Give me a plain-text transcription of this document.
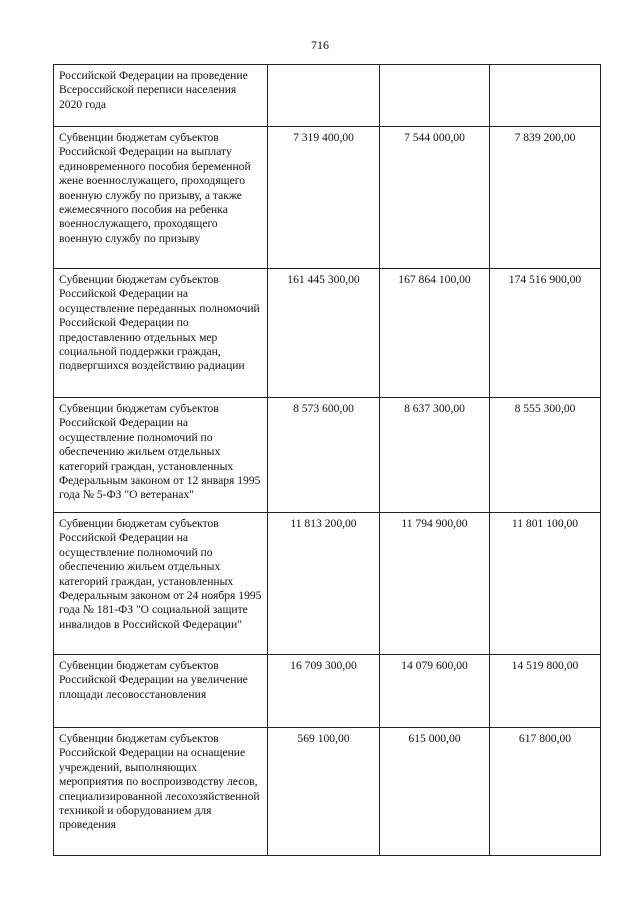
716
Российской Федерации на проведение Всероссийской переписи населения 2020 года			
Субвенции бюджетам субъектов Российской Федерации на выплату единовременного пособия беременной жене военнослужащего, проходящего военную службу по призыву, а также ежемесячного пособия на ребенка военнослужащего, проходящего военную службу по призыву	7 319 400,00	7 544 000,00	7 839 200,00
Субвенции бюджетам субъектов Российской Федерации на осуществление переданных полномочий Российской Федерации по предоставлению отдельных мер социальной поддержки граждан, подвергшихся воздействию радиации	161 445 300,00	167 864 100,00	174 516 900,00
Субвенции бюджетам субъектов Российской Федерации на осуществление полномочий по обеспечению жильем отдельных категорий граждан, установленных Федеральным законом от 12 января 1995 года № 5-ФЗ "О ветеранах"	8 573 600,00	8 637 300,00	8 555 300,00
Субвенции бюджетам субъектов Российской Федерации на осуществление полномочий по обеспечению жильем отдельных категорий граждан, установленных Федеральным законом от 24 ноября 1995 года № 181-ФЗ "О социальной защите инвалидов в Российской Федерации"	11 813 200,00	11 794 900,00	11 801 100,00
Субвенции бюджетам субъектов Российской Федерации на увеличение площади лесовосстановления	16 709 300,00	14 079 600,00	14 519 800,00
Субвенции бюджетам субъектов Российской Федерации на оснащение учреждений, выполняющих мероприятия по воспроизводству лесов, специализированной лесохозяйственной техникой и оборудованием для проведения	569 100,00	615 000,00	617 800,00
